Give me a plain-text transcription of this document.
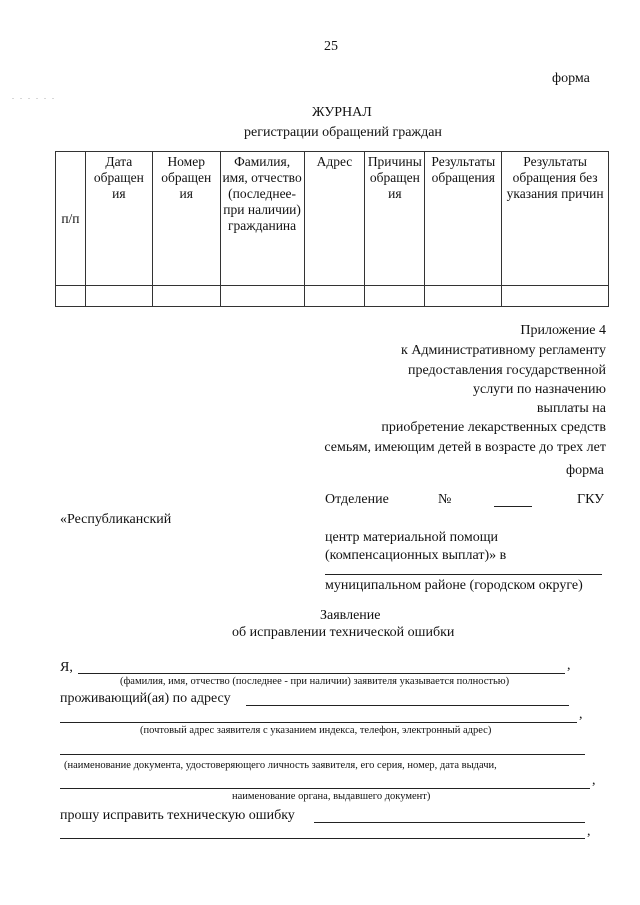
. . . . . .
25
форма
ЖУРНАЛ
регистрации обращений граждан
п/п	Дата обращен ия	Номер обращен ия	Фамилия, имя, отчество (последнее- при наличии) гражданина	Адрес	Причины обращен ия	Результаты обращения	Результаты обращения без указания причин

Приложение 4
к Административному регламенту
предоставления государственной
услуги по назначению
выплаты на
приобретение лекарственных средств
семьям, имеющим детей в возрасте до трех лет
форма
Отделение	№	ГКУ
«Республиканский
центр материальной помощи
(компенсационных выплат)» в
муниципальном районе (городском округе)
Заявление
об исправлении технической ошибки
Я,	,
(фамилия, имя, отчество (последнее - при наличии) заявителя указывается полностью)
проживающий(ая) по адресу
,
(почтовый адрес заявителя с указанием индекса, телефон, электронный адрес)
(наименование документа, удостоверяющего личность заявителя, его серия, номер, дата выдачи,
,
наименование органа, выдавшего документ)
прошу исправить техническую ошибку
,
